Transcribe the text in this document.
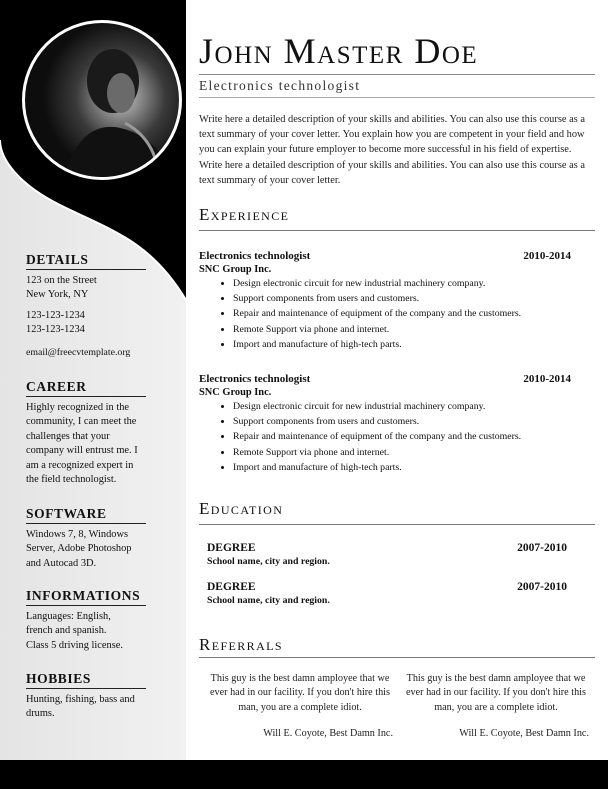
DETAILS

123 on the Street

New York, NY

123-123-1234

123-123-1234

email@freecvtemplate.org

CAREER

Highly recognized in the community, I can meet the challenges that your company will entrust me. I am a recognized expert in the field technologist.

SOFTWARE

Windows 7, 8, Windows Server, Adobe Photoshop and Autocad 3D.

INFORMATIONS

Languages: English,

french and spanish.

Class 5 driving license.

HOBBIES

Hunting, fishing, bass and drums.

John Master Doe
Electronics technologist
Write here a detailed description of your skills and abilities. You can also use this course as a text summary of your cover letter. You explain how you are competent in your field and how you can explain your future employer to become more successful in his field of expertise. Write here a detailed description of your skills and abilities. You can also use this course as a text summary of your cover letter.
Experience
Electronics technologist	2010-2014
SNC Group Inc.
• Design electronic circuit for new industrial machinery company.
• Support components from users and customers.
• Repair and maintenance of equipment of the company and the customers.
• Remote Support via phone and internet.
• Import and manufacture of high-tech parts.
Electronics technologist	2010-2014
SNC Group Inc.
• Design electronic circuit for new industrial machinery company.
• Support components from users and customers.
• Repair and maintenance of equipment of the company and the customers.
• Remote Support via phone and internet.
• Import and manufacture of high-tech parts.
Education
DEGREE	2007-2010
School name, city and region.
DEGREE	2007-2010
School name, city and region.
Referrals
This guy is the best damn amployee that we ever had in our facility. If you don't hire this man, you are a complete idiot.
Will E. Coyote, Best Damn Inc.
This guy is the best damn amployee that we ever had in our facility. If you don't hire this man, you are a complete idiot.
Will E. Coyote, Best Damn Inc.
